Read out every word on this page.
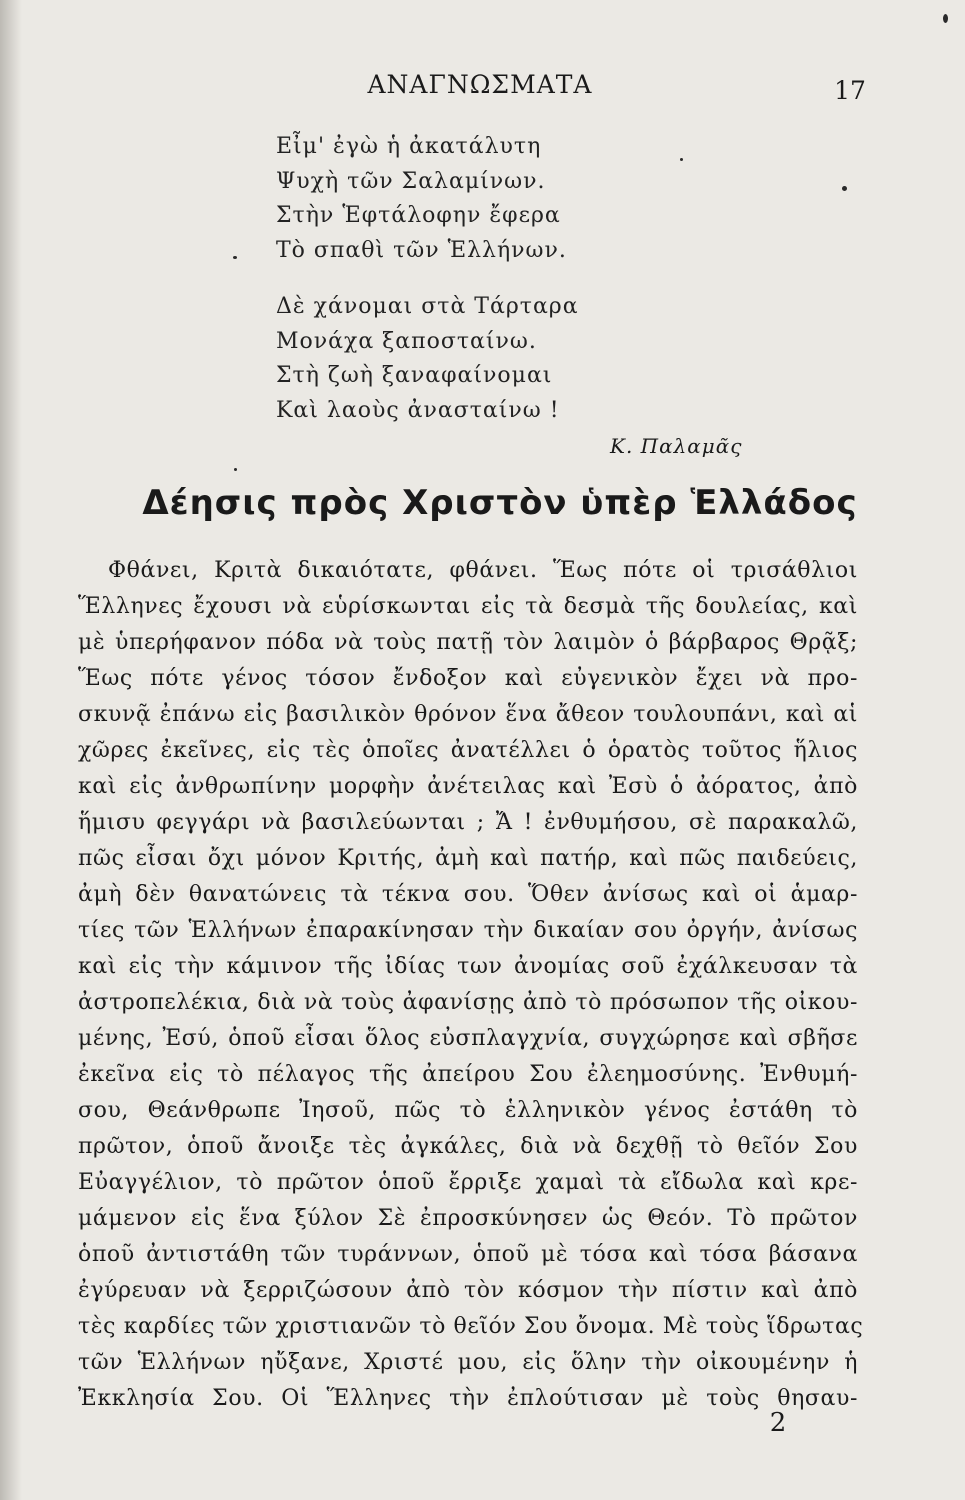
ΑΝΑΓΝΩΣΜΑΤΑ	17
Εἶμ' ἐγὼ ἡ ἀκατάλυτη
Ψυχὴ τῶν Σαλαμίνων.
Στὴν Ἑφτάλοφην ἔφερα
Τὸ σπαθὶ τῶν Ἑλλήνων.
Δὲ χάνομαι στὰ Τάρταρα
Μονάχα ξαποσταίνω.
Στὴ ζωὴ ξαναφαίνομαι
Καὶ λαοὺς ἀνασταίνω !
Κ. Παλαμᾶς
Δέησις πρὸς Χριστὸν ὑπὲρ Ἑλλάδος
Φθάνει, Κριτὰ δικαιότατε, φθάνει. Ἕως πότε οἱ τρισάθλιοι
Ἕλληνες ἔχουσι νὰ εὑρίσκωνται εἰς τὰ δεσμὰ τῆς δουλείας, καὶ
μὲ ὑπερήφανον πόδα νὰ τοὺς πατῇ τὸν λαιμὸν ὁ βάρβαρος Θρᾷξ;
Ἕως πότε γένος τόσον ἔνδοξον καὶ εὐγενικὸν ἔχει νὰ προ-
σκυνᾷ ἐπάνω εἰς βασιλικὸν θρόνον ἕνα ἄθεον τουλουπάνι, καὶ αἱ
χῶρες ἐκεῖνες, εἰς τὲς ὁποῖες ἀνατέλλει ὁ ὁρατὸς τοῦτος ἥλιος
καὶ εἰς ἀνθρωπίνην μορφὴν ἀνέτειλας καὶ Ἐσὺ ὁ ἀόρατος, ἀπὸ
ἥμισυ φεγγάρι νὰ βασιλεύωνται ; Ἄ ! ἐνθυμήσου, σὲ παρακαλῶ,
πῶς εἶσαι ὄχι μόνον Κριτής, ἀμὴ καὶ πατήρ, καὶ πῶς παιδεύεις,
ἀμὴ δὲν θανατώνεις τὰ τέκνα σου. Ὅθεν ἀνίσως καὶ οἱ ἁμαρ-
τίες τῶν Ἑλλήνων ἐπαρακίνησαν τὴν δικαίαν σου ὀργήν, ἀνίσως
καὶ εἰς τὴν κάμινον τῆς ἰδίας των ἀνομίας σοῦ ἐχάλκευσαν τὰ
ἀστροπελέκια, διὰ νὰ τοὺς ἀφανίσῃς ἀπὸ τὸ πρόσωπον τῆς οἰκου-
μένης, Ἐσύ, ὁποῦ εἶσαι ὅλος εὐσπλαγχνία, συγχώρησε καὶ σβῆσε
ἐκεῖνα εἰς τὸ πέλαγος τῆς ἀπείρου Σου ἐλεημοσύνης. Ἐνθυμή-
σου, Θεάνθρωπε Ἰησοῦ, πῶς τὸ ἑλληνικὸν γένος ἐστάθη τὸ
πρῶτον, ὁποῦ ἄνοιξε τὲς ἀγκάλες, διὰ νὰ δεχθῇ τὸ θεῖόν Σου
Εὐαγγέλιον, τὸ πρῶτον ὁποῦ ἔρριξε χαμαὶ τὰ εἴδωλα καὶ κρε-
μάμενον εἰς ἕνα ξύλον Σὲ ἐπροσκύνησεν ὡς Θεόν. Τὸ πρῶτον
ὁποῦ ἀντιστάθη τῶν τυράννων, ὁποῦ μὲ τόσα καὶ τόσα βάσανα
ἐγύρευαν νὰ ξερριζώσουν ἀπὸ τὸν κόσμον τὴν πίστιν καὶ ἀπὸ
τὲς καρδίες τῶν χριστιανῶν τὸ θεῖόν Σου ὄνομα. Μὲ τοὺς ἵδρωτας
τῶν Ἑλλήνων ηὔξανε, Χριστέ μου, εἰς ὅλην τὴν οἰκουμένην ἡ
Ἐκκλησία Σου. Οἱ Ἕλληνες τὴν ἐπλούτισαν μὲ τοὺς θησαυ-
2
